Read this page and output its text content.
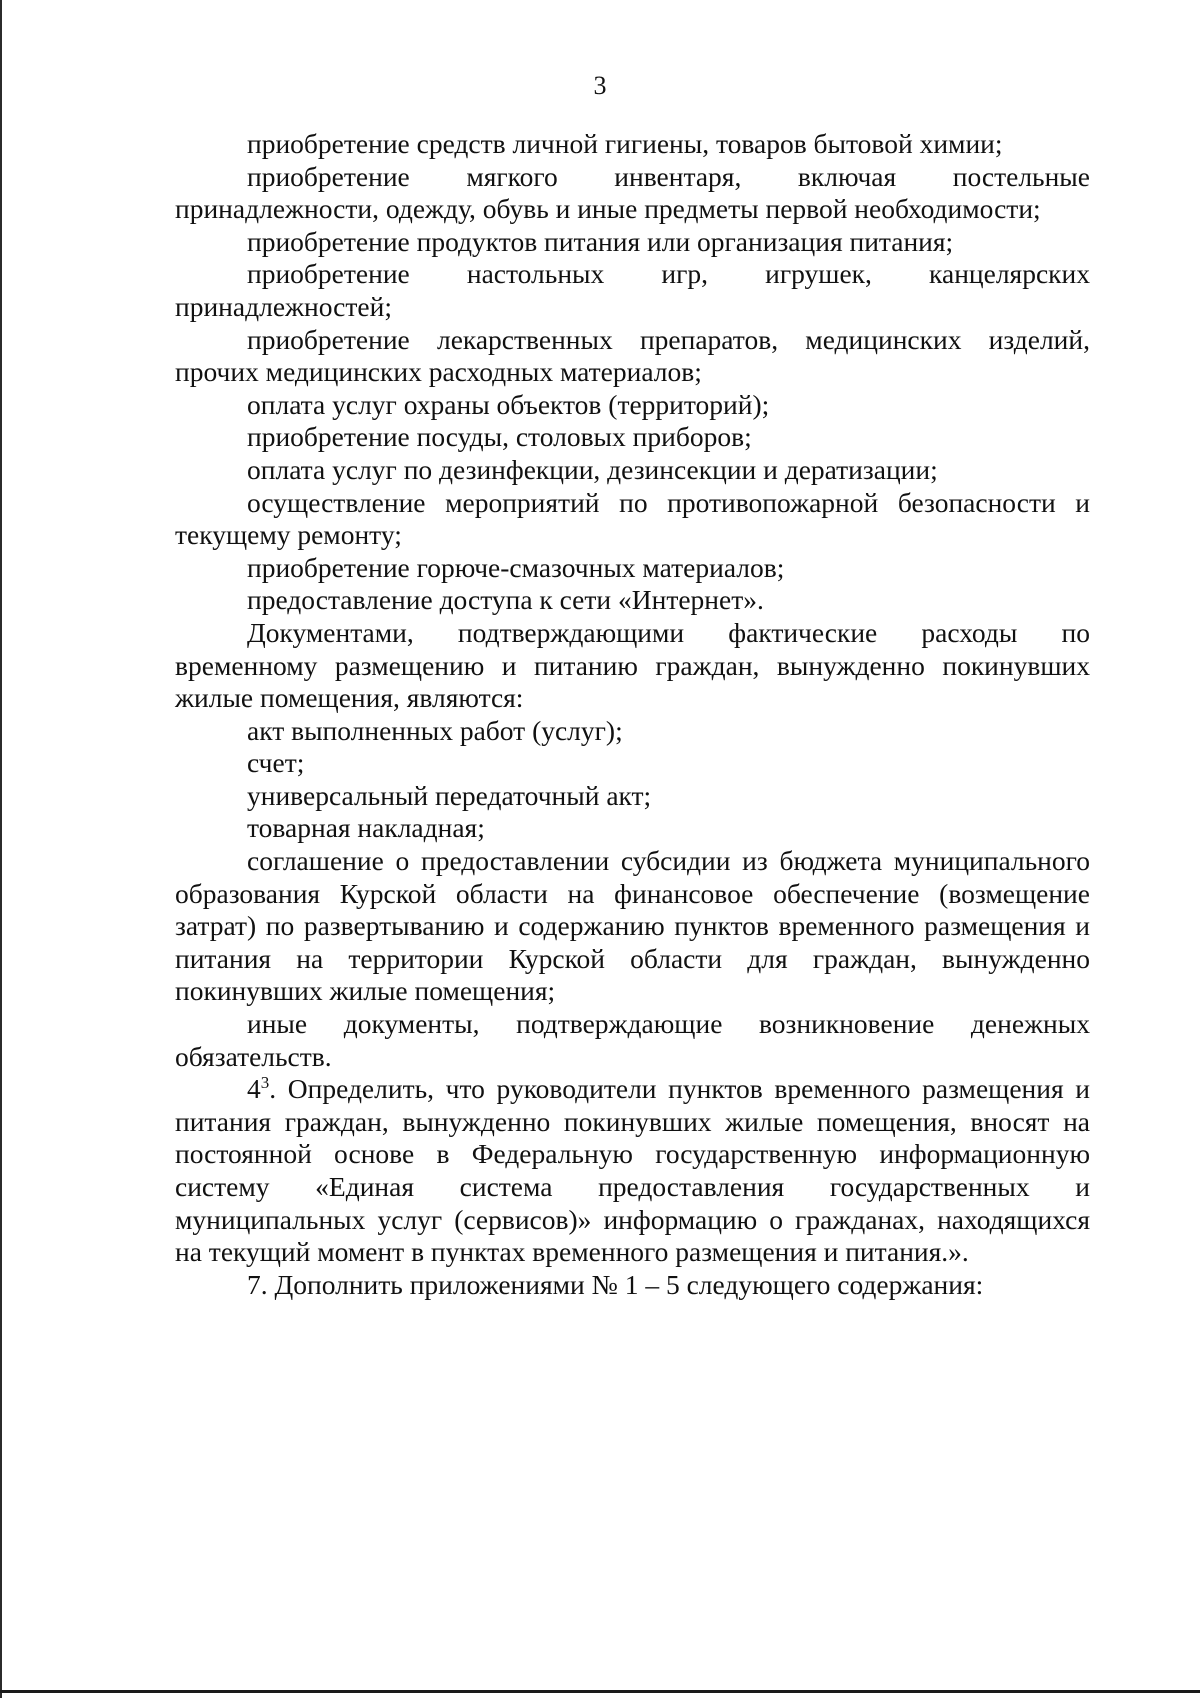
3

приобретение средств личной гигиены, товаров бытовой химии;

приобретение мягкого инвентаря, включая постельные принадлежности, одежду, обувь и иные предметы первой необходимости;

приобретение продуктов питания или организация питания;

приобретение настольных игр, игрушек, канцелярских принадлежностей;

приобретение лекарственных препаратов, медицинских изделий, прочих медицинских расходных материалов;

оплата услуг охраны объектов (территорий);

приобретение посуды, столовых приборов;

оплата услуг по дезинфекции, дезинсекции и дератизации;

осуществление мероприятий по противопожарной безопасности и текущему ремонту;

приобретение горюче-смазочных материалов;

предоставление доступа к сети «Интернет».

Документами, подтверждающими фактические расходы по временному размещению и питанию граждан, вынужденно покинувших жилые помещения, являются:

акт выполненных работ (услуг);

счет;

универсальный передаточный акт;

товарная накладная;

соглашение о предоставлении субсидии из бюджета муниципального образования Курской области на финансовое обеспечение (возмещение затрат) по развертыванию и содержанию пунктов временного размещения и питания на территории Курской области для граждан, вынужденно покинувших жилые помещения;

иные документы, подтверждающие возникновение денежных обязательств.

$4^3$. Определить, что руководители пунктов временного размещения и питания граждан, вынужденно покинувших жилые помещения, вносят на постоянной основе в Федеральную государственную информационную систему «Единая система предоставления государственных и муниципальных услуг (сервисов)» информацию о гражданах, находящихся на текущий момент в пунктах временного размещения и питания.».

7. Дополнить приложениями № 1 – 5 следующего содержания:
